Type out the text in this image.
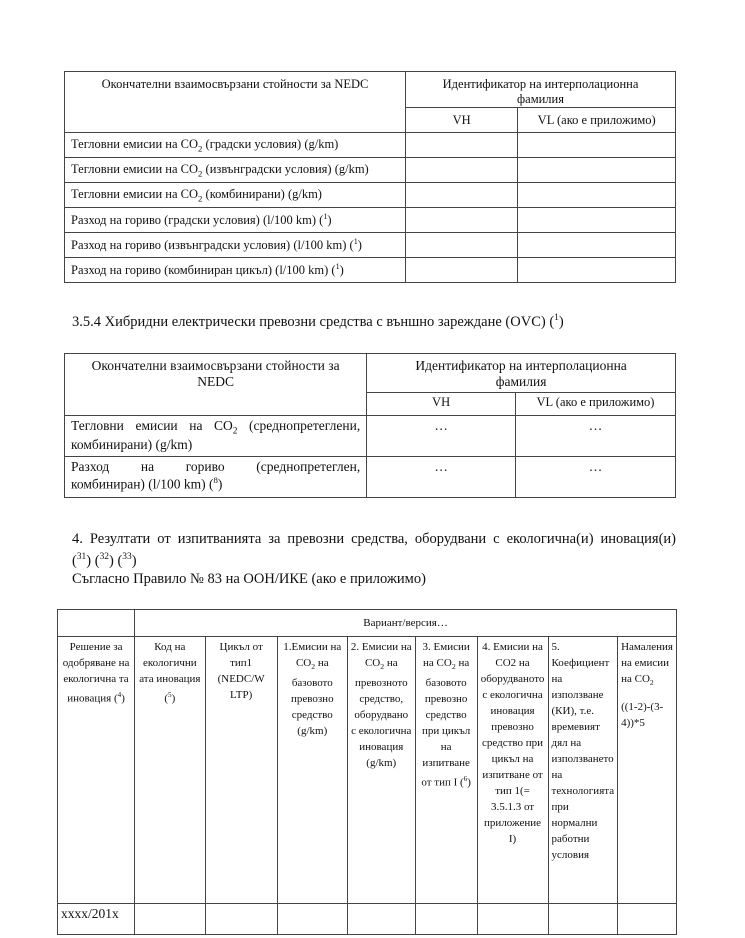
Окончателни взаимосвързани стойности за NEDC	Идентификатор на интерполационна фамилия	
	VH	VL (ако е приложимо)
Тегловни емисии на $CO_2$ (градски условия) (g/km)		
Тегловни емисии на $CO_2$ (извънградски условия) (g/km)		
Тегловни емисии на $CO_2$ (комбинирани) (g/km)		
Разход на гориво (градски условия) (l/100 km) ($^1$)		
Разход на гориво (извънградски условия) (l/100 km) ($^1$)		
Разход на гориво (комбиниран цикъл) (l/100 km) ($^1$)		
3.5.4 Хибридни електрически превозни средства с външно зареждане (OVC) ($^1$)
Окончателни взаимосвързани стойности за NEDC	Идентификатор на интерполационна фамилия	
	VH	VL (ако е приложимо)

Тегловни емисии на $CO_2$ (среднопретеглени,
комбинирани) (g/km)	…	…

Разход на гориво (среднопретеглен,
комбиниран) (l/100 km) ($^8$)	…	…
4. Резултати от изпитванията за превозни средства, оборудвани с екологична(и) иновация(и)
($^{31}$) ($^{32}$) ($^{33}$)
Съгласно Правило № 83 на ООН/ИКЕ (ако е приложимо)
	Вариант/версия…							
Решение за одобряване на екологична та иновация ($^4$)	Код на екологични ата иновация ($^5$)	Цикъл от тип1 (NEDC/W LTP)	1.Емисии на $CO_2$ на базовото превозно средство (g/km)	2. Емисии на $CO_2$ на превозното средство, оборудвано с екологична иновация (g/km)	3. Емисии на $CO_2$ на базовото превозно средство при цикъл на изпитване от тип I ($^6$)	4. Емисии на CO2 на оборудваното с екологична иновация превозно средство при цикъл на изпитване от тип 1(= 3.5.1.3 от приложение I)	5. Коефициент на използване (КИ), т.е. времевият дял на използването на технологията при нормални работни условия	Намаления на емисии на $CO_2$
((1-2)-(3-4))*5

xxxx/201x								
